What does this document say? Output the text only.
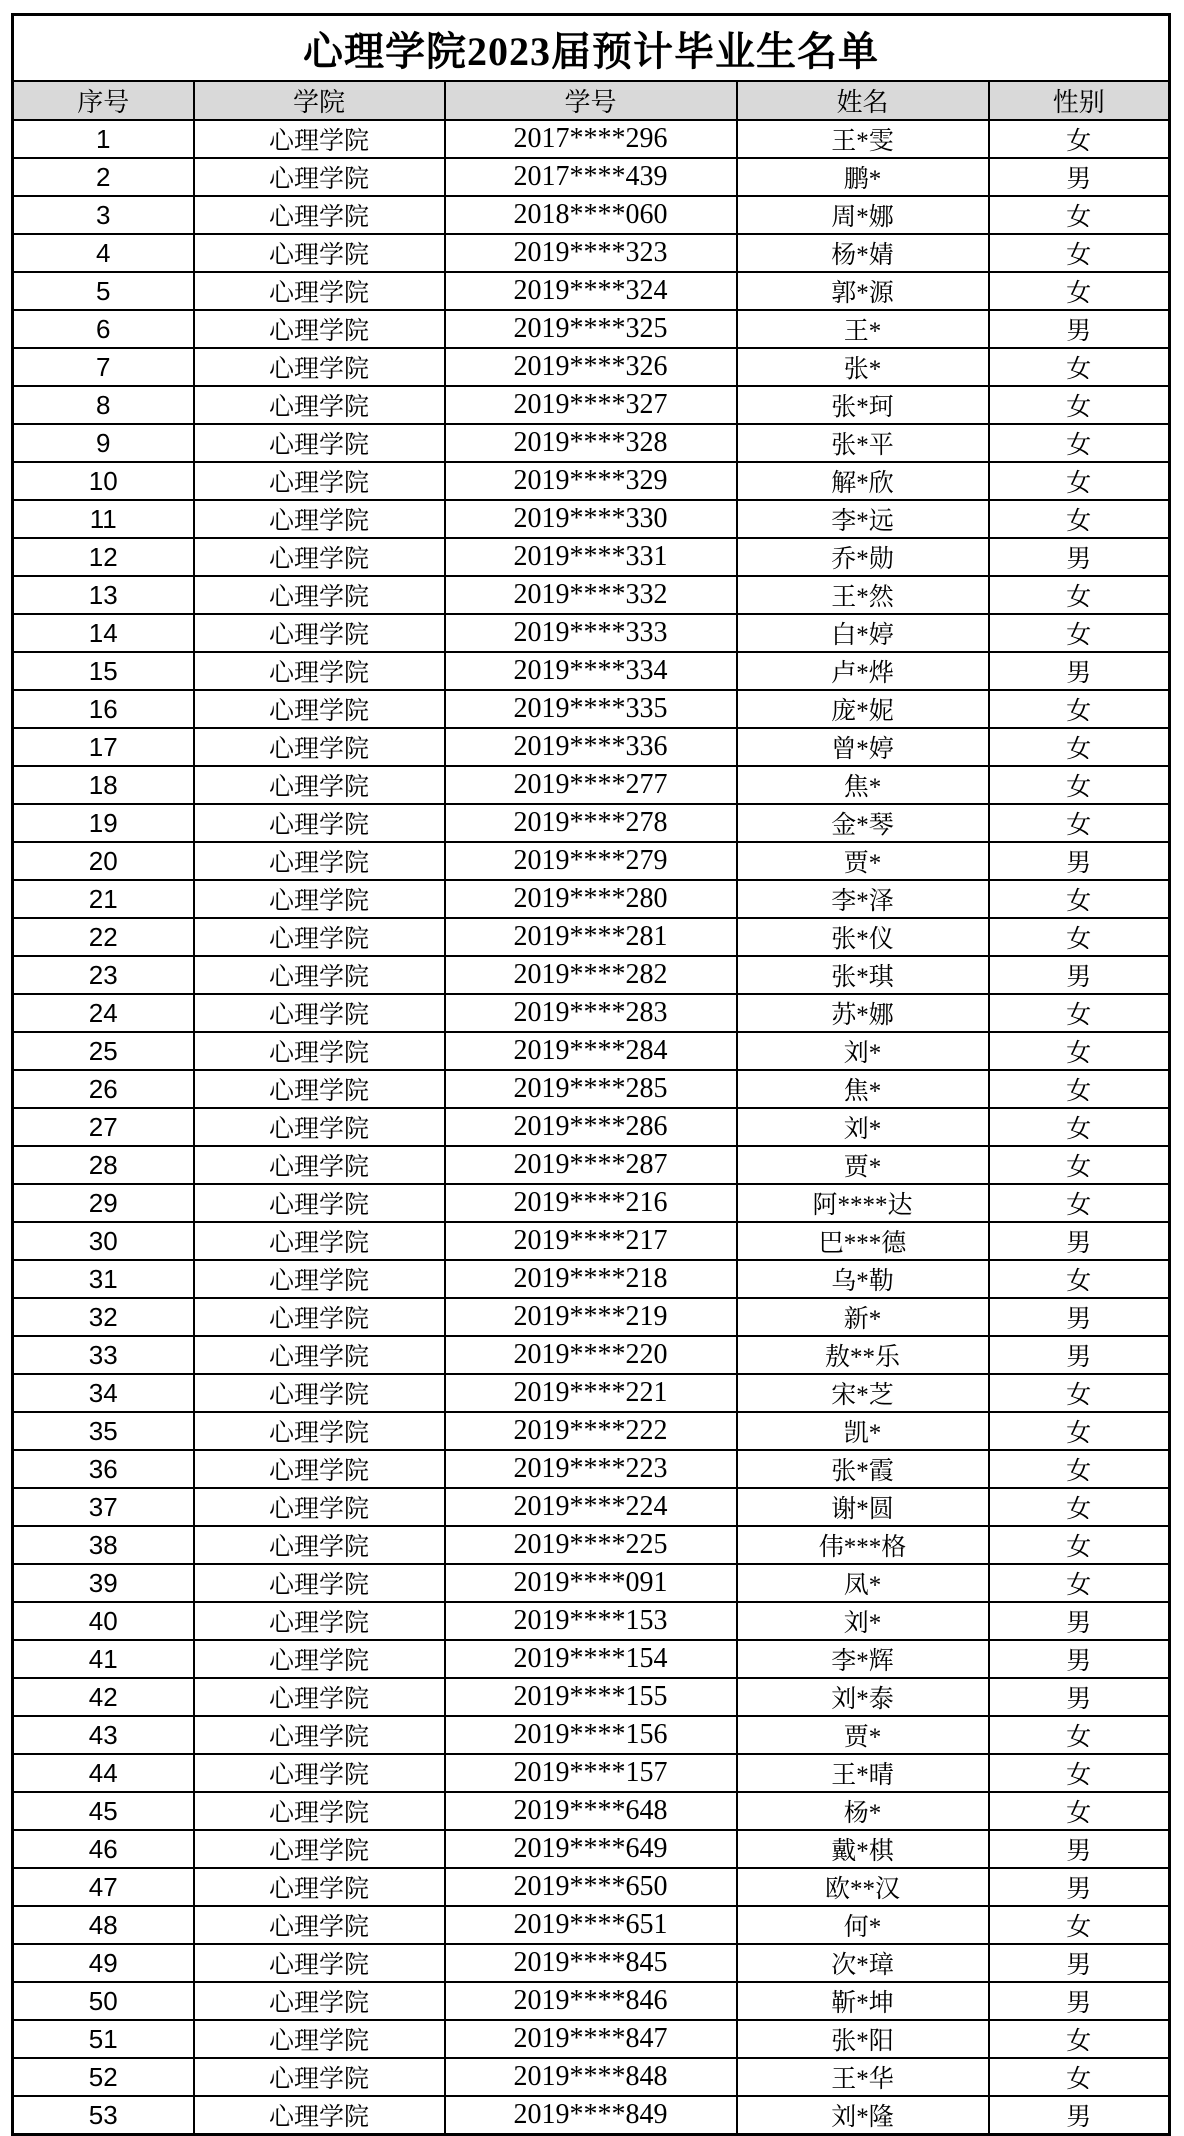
心理学院2023届预计毕业生名单				
序号	学院	学号	姓名	性别
1	心理学院	2017****296	王*雯	女
2	心理学院	2017****439	鹏*	男
3	心理学院	2018****060	周*娜	女
4	心理学院	2019****323	杨*婧	女
5	心理学院	2019****324	郭*源	女
6	心理学院	2019****325	王*	男
7	心理学院	2019****326	张*	女
8	心理学院	2019****327	张*珂	女
9	心理学院	2019****328	张*平	女
10	心理学院	2019****329	解*欣	女
11	心理学院	2019****330	李*远	女
12	心理学院	2019****331	乔*勋	男
13	心理学院	2019****332	王*然	女
14	心理学院	2019****333	白*婷	女
15	心理学院	2019****334	卢*烨	男
16	心理学院	2019****335	庞*妮	女
17	心理学院	2019****336	曾*婷	女
18	心理学院	2019****277	焦*	女
19	心理学院	2019****278	金*琴	女
20	心理学院	2019****279	贾*	男
21	心理学院	2019****280	李*泽	女
22	心理学院	2019****281	张*仪	女
23	心理学院	2019****282	张*琪	男
24	心理学院	2019****283	苏*娜	女
25	心理学院	2019****284	刘*	女
26	心理学院	2019****285	焦*	女
27	心理学院	2019****286	刘*	女
28	心理学院	2019****287	贾*	女
29	心理学院	2019****216	阿****达	女
30	心理学院	2019****217	巴***德	男
31	心理学院	2019****218	乌*勒	女
32	心理学院	2019****219	新*	男
33	心理学院	2019****220	敖**乐	男
34	心理学院	2019****221	宋*芝	女
35	心理学院	2019****222	凯*	女
36	心理学院	2019****223	张*霞	女
37	心理学院	2019****224	谢*圆	女
38	心理学院	2019****225	伟***格	女
39	心理学院	2019****091	凤*	女
40	心理学院	2019****153	刘*	男
41	心理学院	2019****154	李*辉	男
42	心理学院	2019****155	刘*泰	男
43	心理学院	2019****156	贾*	女
44	心理学院	2019****157	王*晴	女
45	心理学院	2019****648	杨*	女
46	心理学院	2019****649	戴*棋	男
47	心理学院	2019****650	欧**汉	男
48	心理学院	2019****651	何*	女
49	心理学院	2019****845	次*璋	男
50	心理学院	2019****846	靳*坤	男
51	心理学院	2019****847	张*阳	女
52	心理学院	2019****848	王*华	女
53	心理学院	2019****849	刘*隆	男
